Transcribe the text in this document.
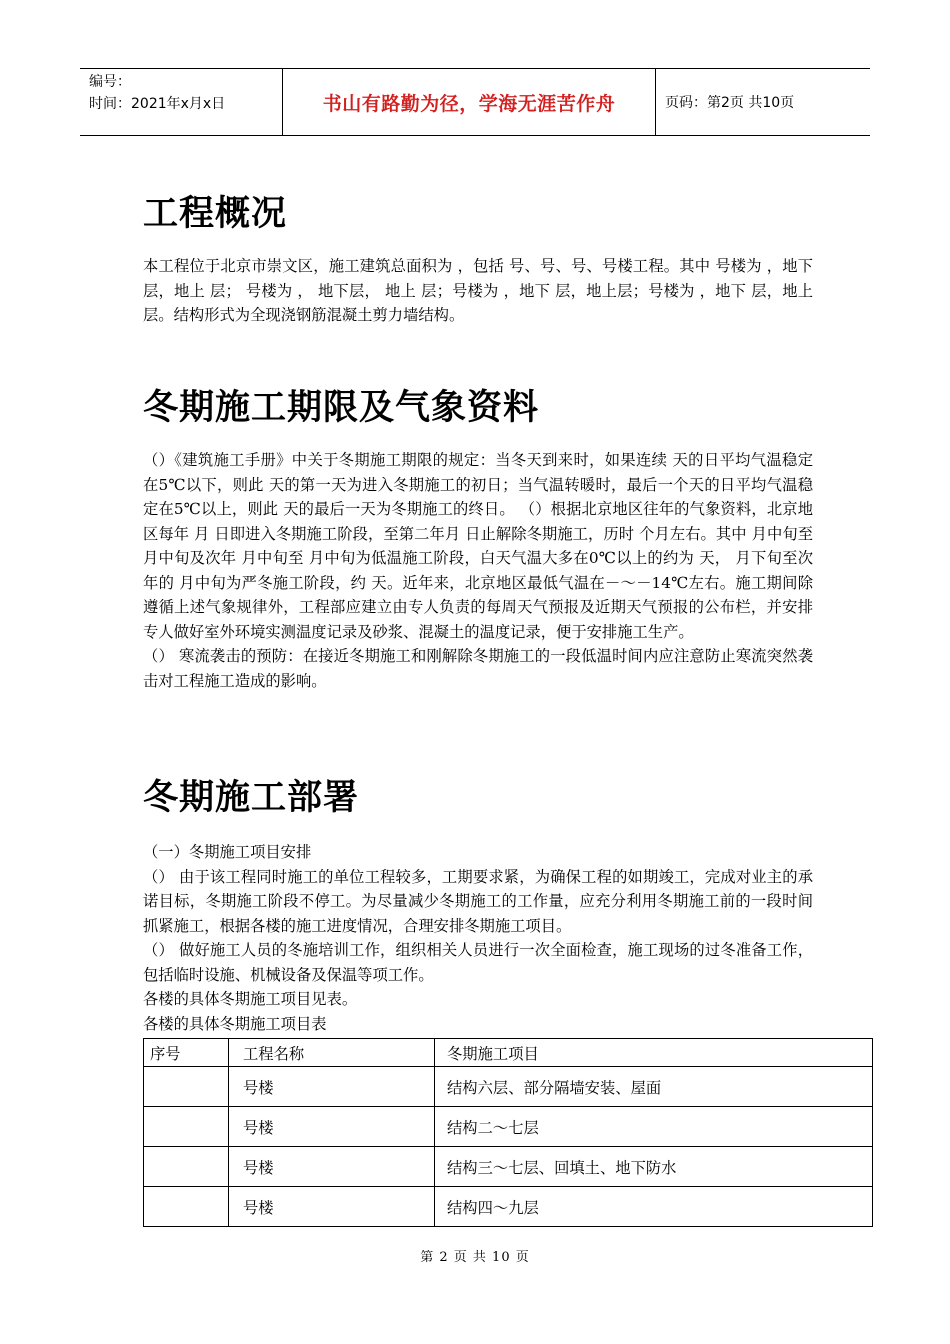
编号：
时间：2021年x月x日	书山有路勤为径，学海无涯苦作舟	页码：第2页 共10页
工程概况

本工程位于北京市崇文区，施工建筑总面积为 ，包括 号、号、号、号楼工程。其中 号楼为 ，地下 层，地上 层； 号楼为 ， 地下层， 地上 层；号楼为 ，地下 层，地上层；号楼为 ，地下 层，地上 层。结构形式为全现浇钢筋混凝土剪力墙结构。

冬期施工期限及气象资料

（）《建筑施工手册》中关于冬期施工期限的规定：当冬天到来时，如果连续 天的日平均气温稳定在5℃以下，则此 天的第一天为进入冬期施工的初日；当气温转暖时，最后一个天的日平均气温稳定在5℃以上，则此 天的最后一天为冬期施工的终日。 （）根据北京地区往年的气象资料，北京地区每年 月 日即进入冬期施工阶段，至第二年月 日止解除冬期施工，历时 个月左右。其中 月中旬至 月中旬及次年 月中旬至 月中旬为低温施工阶段，白天气温大多在0℃以上的约为 天， 月下旬至次年的 月中旬为严冬施工阶段，约 天。近年来，北京地区最低气温在－～－14℃左右。施工期间除遵循上述气象规律外，工程部应建立由专人负责的每周天气预报及近期天气预报的公布栏，并安排专人做好室外环境实测温度记录及砂浆、混凝土的温度记录，便于安排施工生产。

（） 寒流袭击的预防：在接近冬期施工和刚解除冬期施工的一段低温时间内应注意防止寒流突然袭击对工程施工造成的影响。

冬期施工部署

（一）冬期施工项目安排

（） 由于该工程同时施工的单位工程较多，工期要求紧，为确保工程的如期竣工，完成对业主的承诺目标，冬期施工阶段不停工。为尽量减少冬期施工的工作量，应充分利用冬期施工前的一段时间抓紧施工，根据各楼的施工进度情况，合理安排冬期施工项目。

（） 做好施工人员的冬施培训工作，组织相关人员进行一次全面检查，施工现场的过冬准备工作，包括临时设施、机械设备及保温等项工作。

各楼的具体冬期施工项目见表。

各楼的具体冬期施工项目表

序号	工程名称	冬期施工项目
	号楼	结构六层、部分隔墙安装、屋面
	号楼	结构二～七层
	号楼	结构三～七层、回填土、地下防水
	号楼	结构四～九层
第 2 页 共 10 页
